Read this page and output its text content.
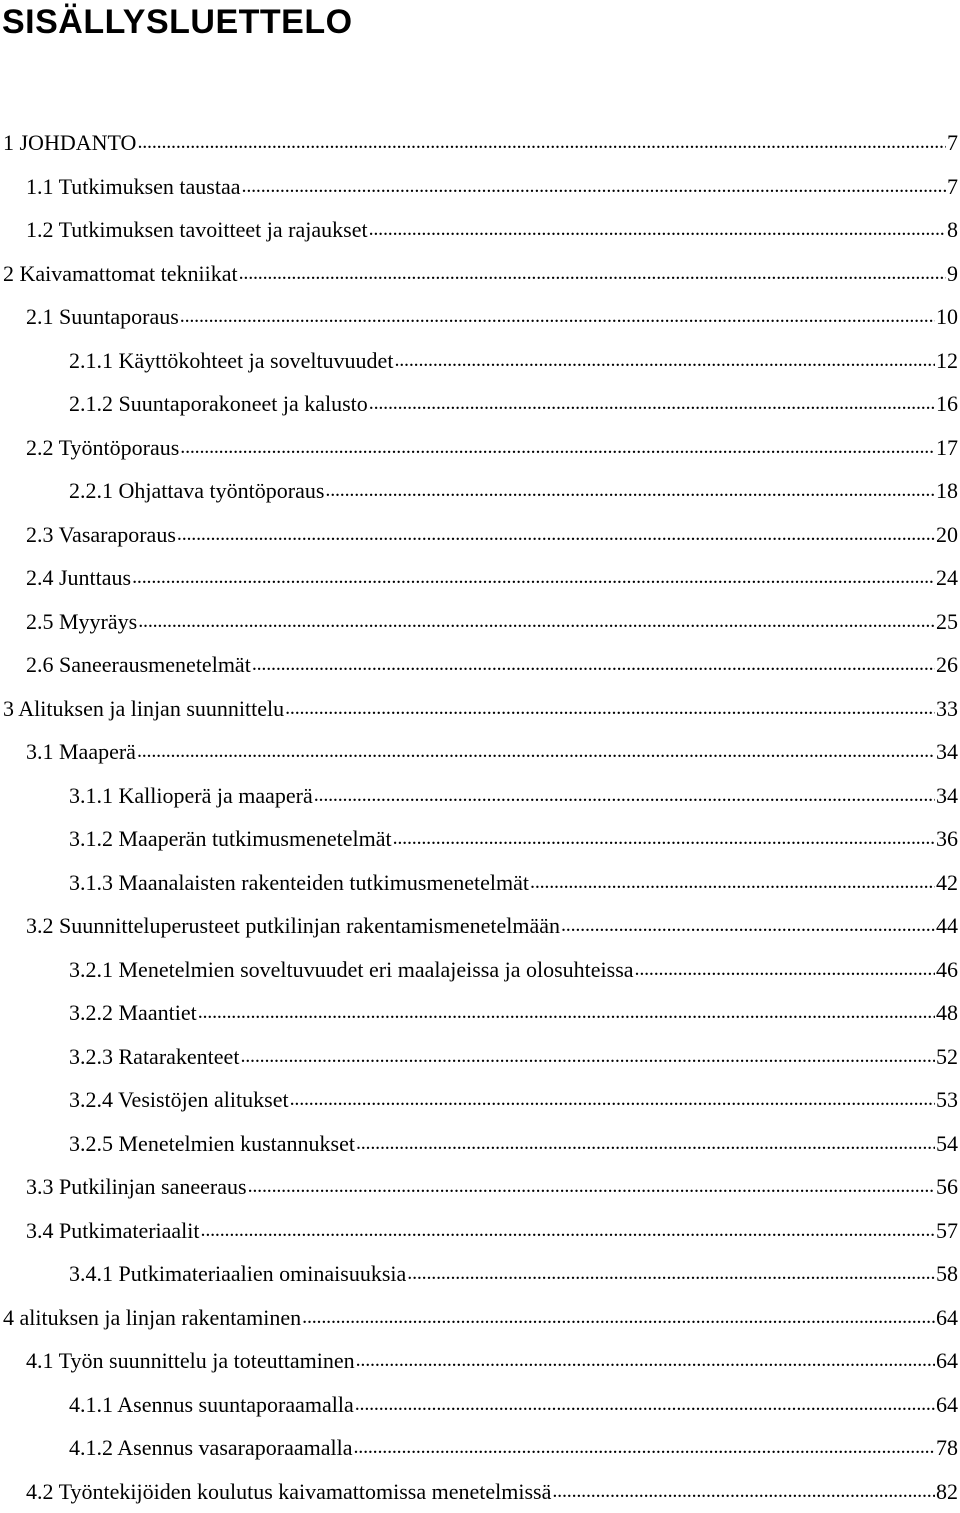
SISÄLLYSLUETTELO
1 JOHDANTO . . .	7
1.1 Tutkimuksen taustaa . . .	7
1.2 Tutkimuksen tavoitteet ja rajaukset . . .	8
2 Kaivamattomat tekniikat . . .	9
2.1 Suuntaporaus . . .	10
2.1.1 Käyttökohteet ja soveltuvuudet . . .	12
2.1.2 Suuntaporakoneet ja kalusto . . .	16
2.2 Työntöporaus . . .	17
2.2.1 Ohjattava työntöporaus . . .	18
2.3 Vasaraporaus . . .	20
2.4 Junttaus . . .	24
2.5 Myyräys . . .	25
2.6 Saneerausmenetelmät . . .	26
3 Alituksen ja linjan suunnittelu . . .	33
3.1 Maaperä . . .	34
3.1.1 Kallioperä ja maaperä . . .	34
3.1.2 Maaperän tutkimusmenetelmät . . .	36
3.1.3 Maanalaisten rakenteiden tutkimusmenetelmät . . .	42
3.2 Suunnitteluperusteet putkilinjan rakentamismenetelmään . . .	44
3.2.1 Menetelmien soveltuvuudet eri maalajeissa ja olosuhteissa . . .	46
3.2.2 Maantiet . . .	48
3.2.3 Ratarakenteet . . .	52
3.2.4 Vesistöjen alitukset . . .	53
3.2.5 Menetelmien kustannukset . . .	54
3.3 Putkilinjan saneeraus . . .	56
3.4 Putkimateriaalit . . .	57
3.4.1 Putkimateriaalien ominaisuuksia . . .	58
4 alituksen ja linjan rakentaminen . . .	64
4.1 Työn suunnittelu ja toteuttaminen . . .	64
4.1.1 Asennus suuntaporaamalla . . .	64
4.1.2 Asennus vasaraporaamalla . . .	78
4.2 Työntekijöiden koulutus kaivamattomissa menetelmissä . . .	82
